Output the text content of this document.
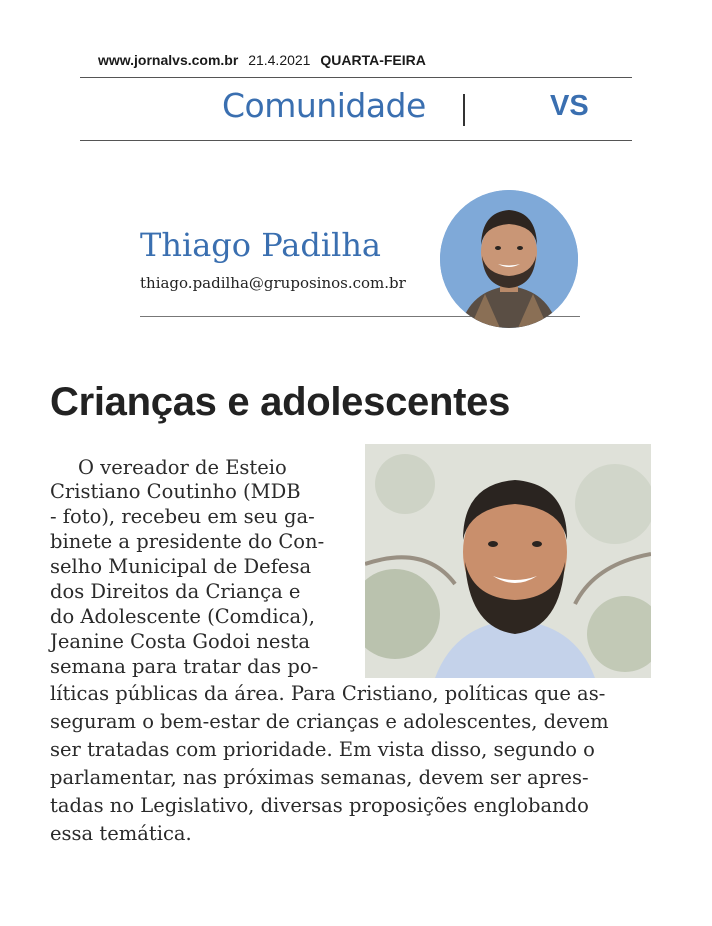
www.jornalvs.com.br 21.4.2021 QUARTA-FEIRA
Comunidade	VS
Thiago Padilha
thiago.padilha@gruposinos.com.br
Crianças e adolescentes
O vereador de Esteio
Cristiano Coutinho (MDB
- foto), recebeu em seu ga-
binete a presidente do Con-
selho Municipal de Defesa
dos Direitos da Criança e
do Adolescente (Comdica),
Jeanine Costa Godoi nesta
semana para tratar das po-
líticas públicas da área. Para Cristiano, políticas que as-
seguram o bem-estar de crianças e adolescentes, devem
ser tratadas com prioridade. Em vista disso, segundo o
parlamentar, nas próximas semanas, devem ser apres-
tadas no Legislativo, diversas proposições englobando
essa temática.
